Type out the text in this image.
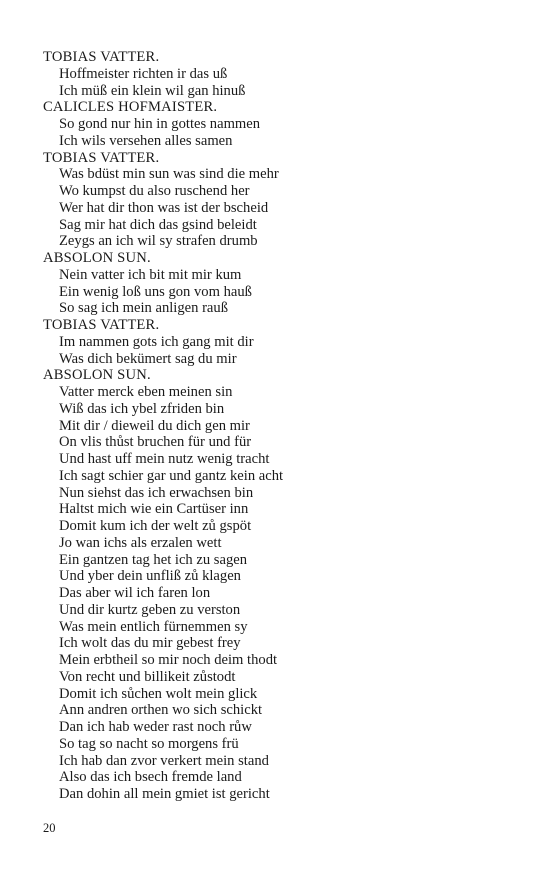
TOBIAS VATTER.
Hoffmeister richten ir das uß
Ich müß ein klein wil gan hinuß
CALICLES HOFMAISTER.
So gond nur hin in gottes nammen
Ich wils versehen alles samen
TOBIAS VATTER.
Was bdüst min sun was sind die mehr
Wo kumpst du also ruschend her
Wer hat dir thon was ist der bscheid
Sag mir hat dich das gsind beleidt
Zeygs an ich wil sy strafen drumb
ABSOLON SUN.
Nein vatter ich bit mit mir kum
Ein wenig loß uns gon vom hauß
So sag ich mein anligen rauß
TOBIAS VATTER.
Im nammen gots ich gang mit dir
Was dich bekümert sag du mir
ABSOLON SUN.
Vatter merck eben meinen sin
Wiß das ich ybel zfriden bin
Mit dir / dieweil du dich gen mir
On vlis thůst bruchen für und für
Und hast uff mein nutz wenig tracht
Ich sagt schier gar und gantz kein acht
Nun siehst das ich erwachsen bin
Haltst mich wie ein Cartüser inn
Domit kum ich der welt zů gspöt
Jo wan ichs als erzalen wett
Ein gantzen tag het ich zu sagen
Und yber dein unfliß zů klagen
Das aber wil ich faren lon
Und dir kurtz geben zu verston
Was mein entlich fürnemmen sy
Ich wolt das du mir gebest frey
Mein erbtheil so mir noch deim thodt
Von recht und billikeit zůstodt
Domit ich sůchen wolt mein glick
Ann andren orthen wo sich schickt
Dan ich hab weder rast noch růw
So tag so nacht so morgens frü
Ich hab dan zvor verkert mein stand
Also das ich bsech fremde land
Dan dohin all mein gmiet ist gericht
20
